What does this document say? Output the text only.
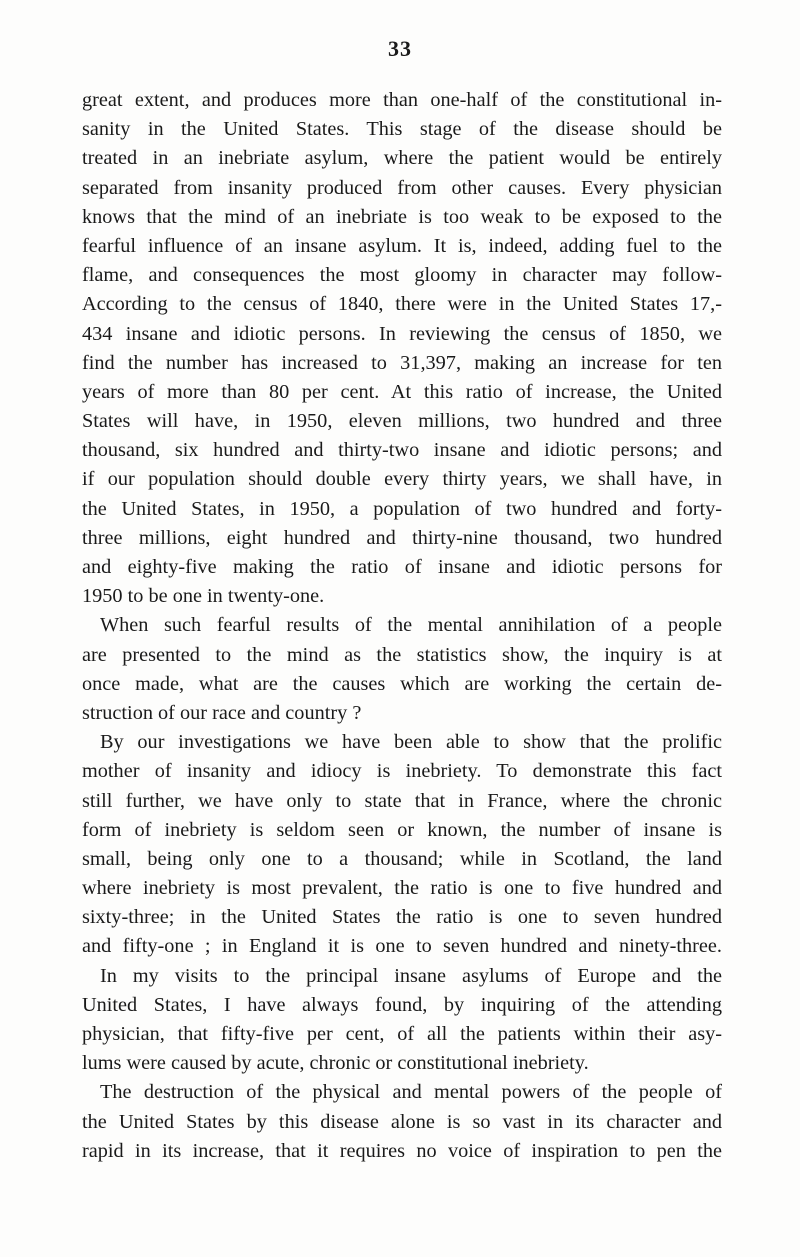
33
great extent, and produces more than one-half of the constitutional in-
sanity in the United States. This stage of the disease should be
treated in an inebriate asylum, where the patient would be entirely
separated from insanity produced from other causes. Every physician
knows that the mind of an inebriate is too weak to be exposed to the
fearful influence of an insane asylum. It is, indeed, adding fuel to the
flame, and consequences the most gloomy in character may follow-
According to the census of 1840, there were in the United States 17,-
434 insane and idiotic persons. In reviewing the census of 1850, we
find the number has increased to 31,397, making an increase for ten
years of more than 80 per cent. At this ratio of increase, the United
States will have, in 1950, eleven millions, two hundred and three
thousand, six hundred and thirty-two insane and idiotic persons; and
if our population should double every thirty years, we shall have, in
the United States, in 1950, a population of two hundred and forty-
three millions, eight hundred and thirty-nine thousand, two hundred
and eighty-five making the ratio of insane and idiotic persons for
1950 to be one in twenty-one.
When such fearful results of the mental annihilation of a people
are presented to the mind as the statistics show, the inquiry is at
once made, what are the causes which are working the certain de-
struction of our race and country ?
By our investigations we have been able to show that the prolific
mother of insanity and idiocy is inebriety. To demonstrate this fact
still further, we have only to state that in France, where the chronic
form of inebriety is seldom seen or known, the number of insane is
small, being only one to a thousand; while in Scotland, the land
where inebriety is most prevalent, the ratio is one to five hundred and
sixty-three; in the United States the ratio is one to seven hundred
and fifty-one ; in England it is one to seven hundred and ninety-three.
In my visits to the principal insane asylums of Europe and the
United States, I have always found, by inquiring of the attending
physician, that fifty-five per cent, of all the patients within their asy-
lums were caused by acute, chronic or constitutional inebriety.
The destruction of the physical and mental powers of the people of
the United States by this disease alone is so vast in its character and
rapid in its increase, that it requires no voice of inspiration to pen the
